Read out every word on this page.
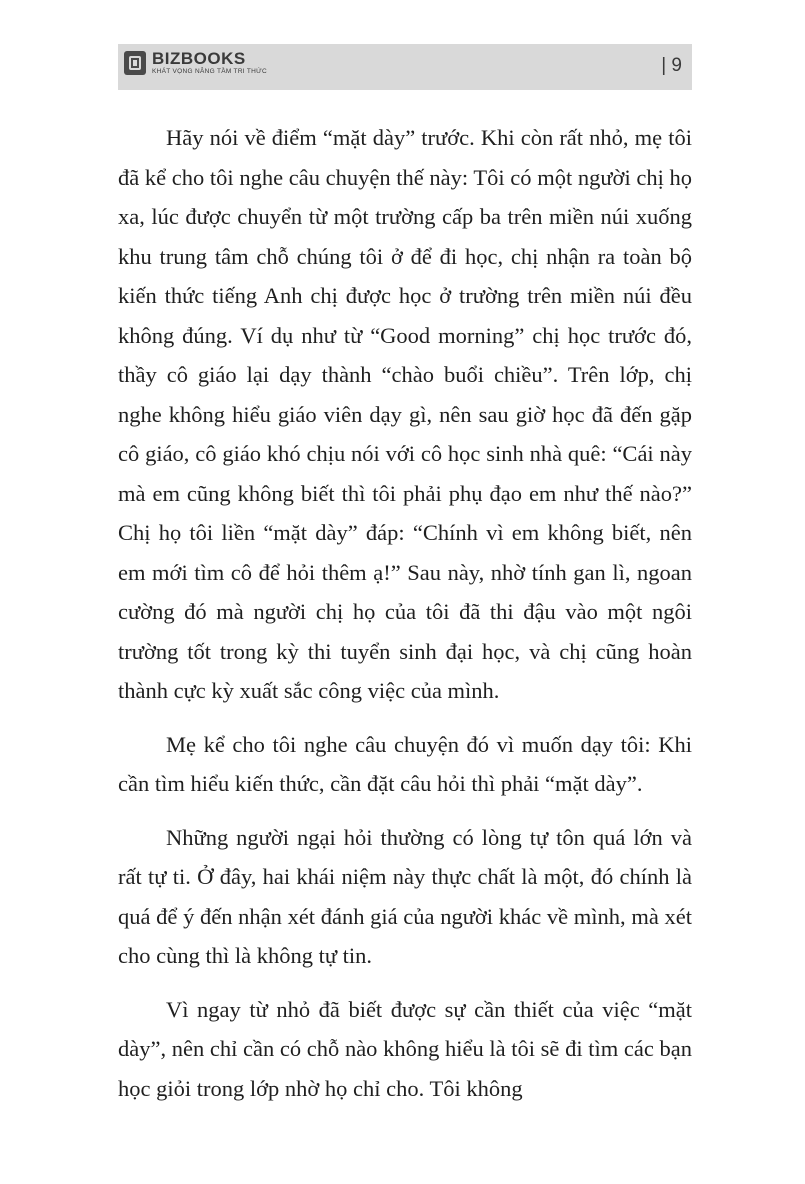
BIZBOOKS
KHÁT VỌNG NÂNG TẦM TRI THỨC	| 9

Hãy nói về điểm “mặt dày” trước. Khi còn rất nhỏ, mẹ tôi đã kể cho tôi nghe câu chuyện thế này: Tôi có một người chị họ xa, lúc được chuyển từ một trường cấp ba trên miền núi xuống khu trung tâm chỗ chúng tôi ở để đi học, chị nhận ra toàn bộ kiến thức tiếng Anh chị được học ở trường trên miền núi đều không đúng. Ví dụ như từ “Good morning” chị học trước đó, thầy cô giáo lại dạy thành “chào buổi chiều”. Trên lớp, chị nghe không hiểu giáo viên dạy gì, nên sau giờ học đã đến gặp cô giáo, cô giáo khó chịu nói với cô học sinh nhà quê: “Cái này mà em cũng không biết thì tôi phải phụ đạo em như thế nào?” Chị họ tôi liền “mặt dày” đáp: “Chính vì em không biết, nên em mới tìm cô để hỏi thêm ạ!” Sau này, nhờ tính gan lì, ngoan cường đó mà người chị họ của tôi đã thi đậu vào một ngôi trường tốt trong kỳ thi tuyển sinh đại học, và chị cũng hoàn thành cực kỳ xuất sắc công việc của mình.

Mẹ kể cho tôi nghe câu chuyện đó vì muốn dạy tôi: Khi cần tìm hiểu kiến thức, cần đặt câu hỏi thì phải “mặt dày”.

Những người ngại hỏi thường có lòng tự tôn quá lớn và rất tự ti. Ở đây, hai khái niệm này thực chất là một, đó chính là quá để ý đến nhận xét đánh giá của người khác về mình, mà xét cho cùng thì là không tự tin.

Vì ngay từ nhỏ đã biết được sự cần thiết của việc “mặt dày”, nên chỉ cần có chỗ nào không hiểu là tôi sẽ đi tìm các bạn học giỏi trong lớp nhờ họ chỉ cho. Tôi không
